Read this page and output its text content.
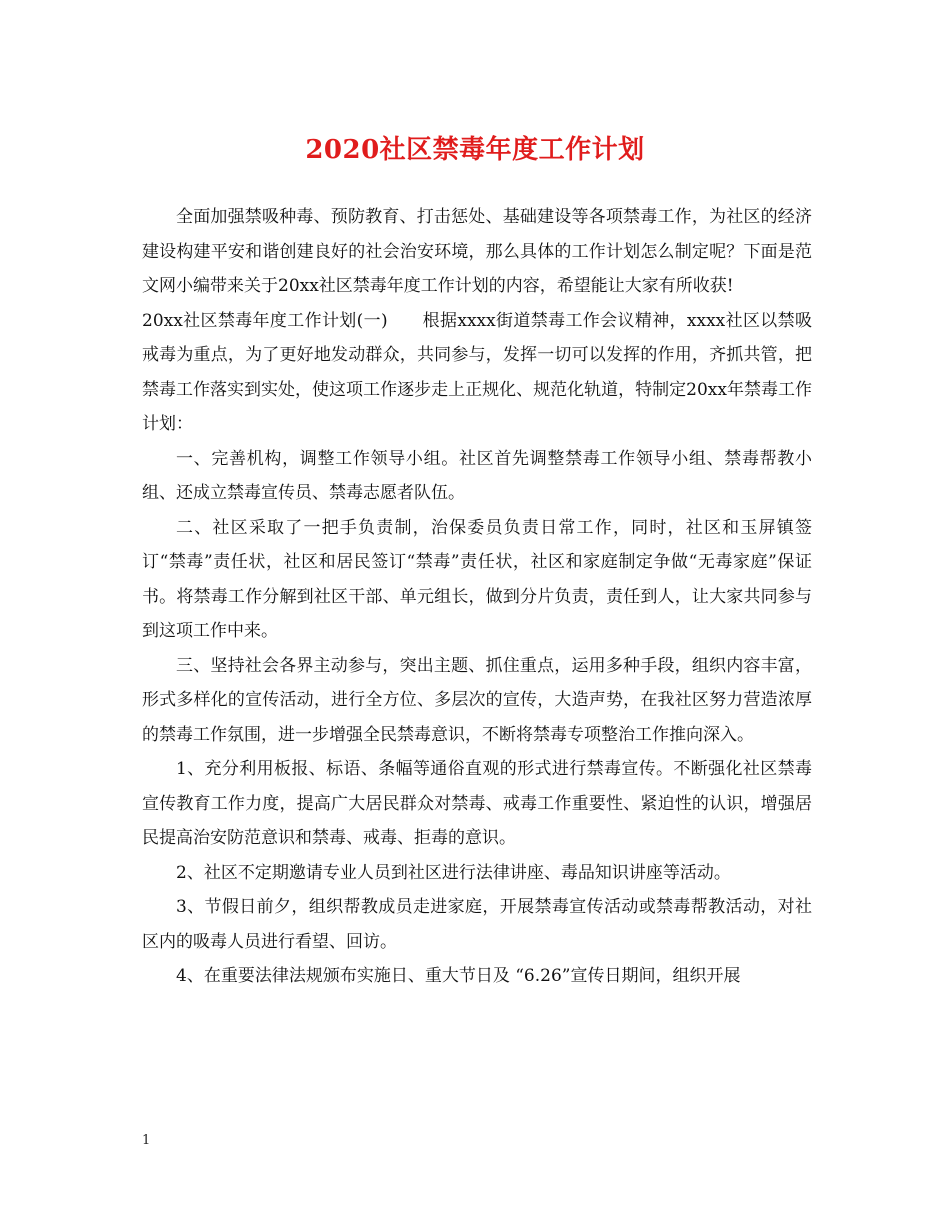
2020社区禁毒年度工作计划

全面加强禁吸种毒、预防教育、打击惩处、基础建设等各项禁毒工作，为社区的经济建设构建平安和谐创建良好的社会治安环境，那么具体的工作计划怎么制定呢？下面是范文网小编带来关于20xx社区禁毒年度工作计划的内容，希望能让大家有所收获!

20xx社区禁毒年度工作计划(一)　　根据xxxx街道禁毒工作会议精神，xxxx社区以禁吸戒毒为重点，为了更好地发动群众，共同参与，发挥一切可以发挥的作用，齐抓共管，把禁毒工作落实到实处，使这项工作逐步走上正规化、规范化轨道，特制定20xx年禁毒工作计划：

一、完善机构，调整工作领导小组。社区首先调整禁毒工作领导小组、禁毒帮教小组、还成立禁毒宣传员、禁毒志愿者队伍。

二、社区采取了一把手负责制，治保委员负责日常工作，同时，社区和玉屏镇签订“禁毒”责任状，社区和居民签订“禁毒”责任状，社区和家庭制定争做“无毒家庭”保证书。将禁毒工作分解到社区干部、单元组长，做到分片负责，责任到人，让大家共同参与到这项工作中来。

三、坚持社会各界主动参与，突出主题、抓住重点，运用多种手段，组织内容丰富，形式多样化的宣传活动，进行全方位、多层次的宣传，大造声势，在我社区努力营造浓厚的禁毒工作氛围，进一步增强全民禁毒意识，不断将禁毒专项整治工作推向深入。

1、充分利用板报、标语、条幅等通俗直观的形式进行禁毒宣传。不断强化社区禁毒宣传教育工作力度，提高广大居民群众对禁毒、戒毒工作重要性、紧迫性的认识，增强居民提高治安防范意识和禁毒、戒毒、拒毒的意识。

2、社区不定期邀请专业人员到社区进行法律讲座、毒品知识讲座等活动。

3、节假日前夕，组织帮教成员走进家庭，开展禁毒宣传活动或禁毒帮教活动，对社区内的吸毒人员进行看望、回访。

4、在重要法律法规颁布实施日、重大节日及 “6.26”宣传日期间，组织开展

1
